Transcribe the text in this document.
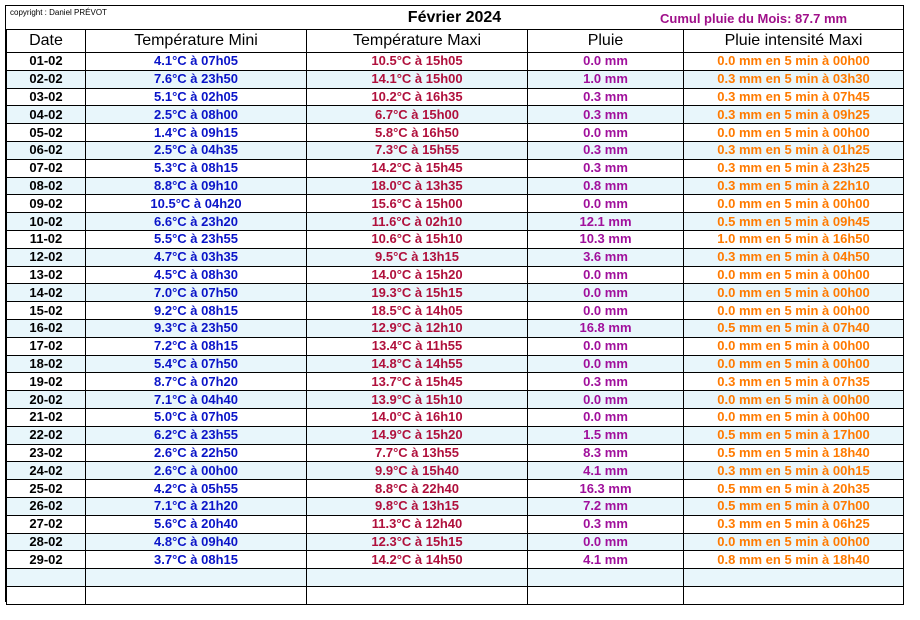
copyright : Daniel PRÉVOT	Février 2024	Cumul pluie du Mois: 87.7 mm
Date	Température Mini	Température Maxi	Pluie	Pluie intensité Maxi
01-02	4.1°C à 07h05	10.5°C à 15h05	0.0 mm	0.0 mm en 5 min à 00h00
02-02	7.6°C à 23h50	14.1°C à 15h00	1.0 mm	0.3 mm en 5 min à 03h30
03-02	5.1°C à 02h05	10.2°C à 16h35	0.3 mm	0.3 mm en 5 min à 07h45
04-02	2.5°C à 08h00	6.7°C à 15h00	0.3 mm	0.3 mm en 5 min à 09h25
05-02	1.4°C à 09h15	5.8°C à 16h50	0.0 mm	0.0 mm en 5 min à 00h00
06-02	2.5°C à 04h35	7.3°C à 15h55	0.3 mm	0.3 mm en 5 min à 01h25
07-02	5.3°C à 08h15	14.2°C à 15h45	0.3 mm	0.3 mm en 5 min à 23h25
08-02	8.8°C à 09h10	18.0°C à 13h35	0.8 mm	0.3 mm en 5 min à 22h10
09-02	10.5°C à 04h20	15.6°C à 15h00	0.0 mm	0.0 mm en 5 min à 00h00
10-02	6.6°C à 23h20	11.6°C à 02h10	12.1 mm	0.5 mm en 5 min à 09h45
11-02	5.5°C à 23h55	10.6°C à 15h10	10.3 mm	1.0 mm en 5 min à 16h50
12-02	4.7°C à 03h35	9.5°C à 13h15	3.6 mm	0.3 mm en 5 min à 04h50
13-02	4.5°C à 08h30	14.0°C à 15h20	0.0 mm	0.0 mm en 5 min à 00h00
14-02	7.0°C à 07h50	19.3°C à 15h15	0.0 mm	0.0 mm en 5 min à 00h00
15-02	9.2°C à 08h15	18.5°C à 14h05	0.0 mm	0.0 mm en 5 min à 00h00
16-02	9.3°C à 23h50	12.9°C à 12h10	16.8 mm	0.5 mm en 5 min à 07h40
17-02	7.2°C à 08h15	13.4°C à 11h55	0.0 mm	0.0 mm en 5 min à 00h00
18-02	5.4°C à 07h50	14.8°C à 14h55	0.0 mm	0.0 mm en 5 min à 00h00
19-02	8.7°C à 07h20	13.7°C à 15h45	0.3 mm	0.3 mm en 5 min à 07h35
20-02	7.1°C à 04h40	13.9°C à 15h10	0.0 mm	0.0 mm en 5 min à 00h00
21-02	5.0°C à 07h05	14.0°C à 16h10	0.0 mm	0.0 mm en 5 min à 00h00
22-02	6.2°C à 23h55	14.9°C à 15h20	1.5 mm	0.5 mm en 5 min à 17h00
23-02	2.6°C à 22h50	7.7°C à 13h55	8.3 mm	0.5 mm en 5 min à 18h40
24-02	2.6°C à 00h00	9.9°C à 15h40	4.1 mm	0.3 mm en 5 min à 00h15
25-02	4.2°C à 05h55	8.8°C à 22h40	16.3 mm	0.5 mm en 5 min à 20h35
26-02	7.1°C à 21h20	9.8°C à 13h15	7.2 mm	0.5 mm en 5 min à 07h00
27-02	5.6°C à 20h40	11.3°C à 12h40	0.3 mm	0.3 mm en 5 min à 06h25
28-02	4.8°C à 09h40	12.3°C à 15h15	0.0 mm	0.0 mm en 5 min à 00h00
29-02	3.7°C à 08h15	14.2°C à 14h50	4.1 mm	0.8 mm en 5 min à 18h40
